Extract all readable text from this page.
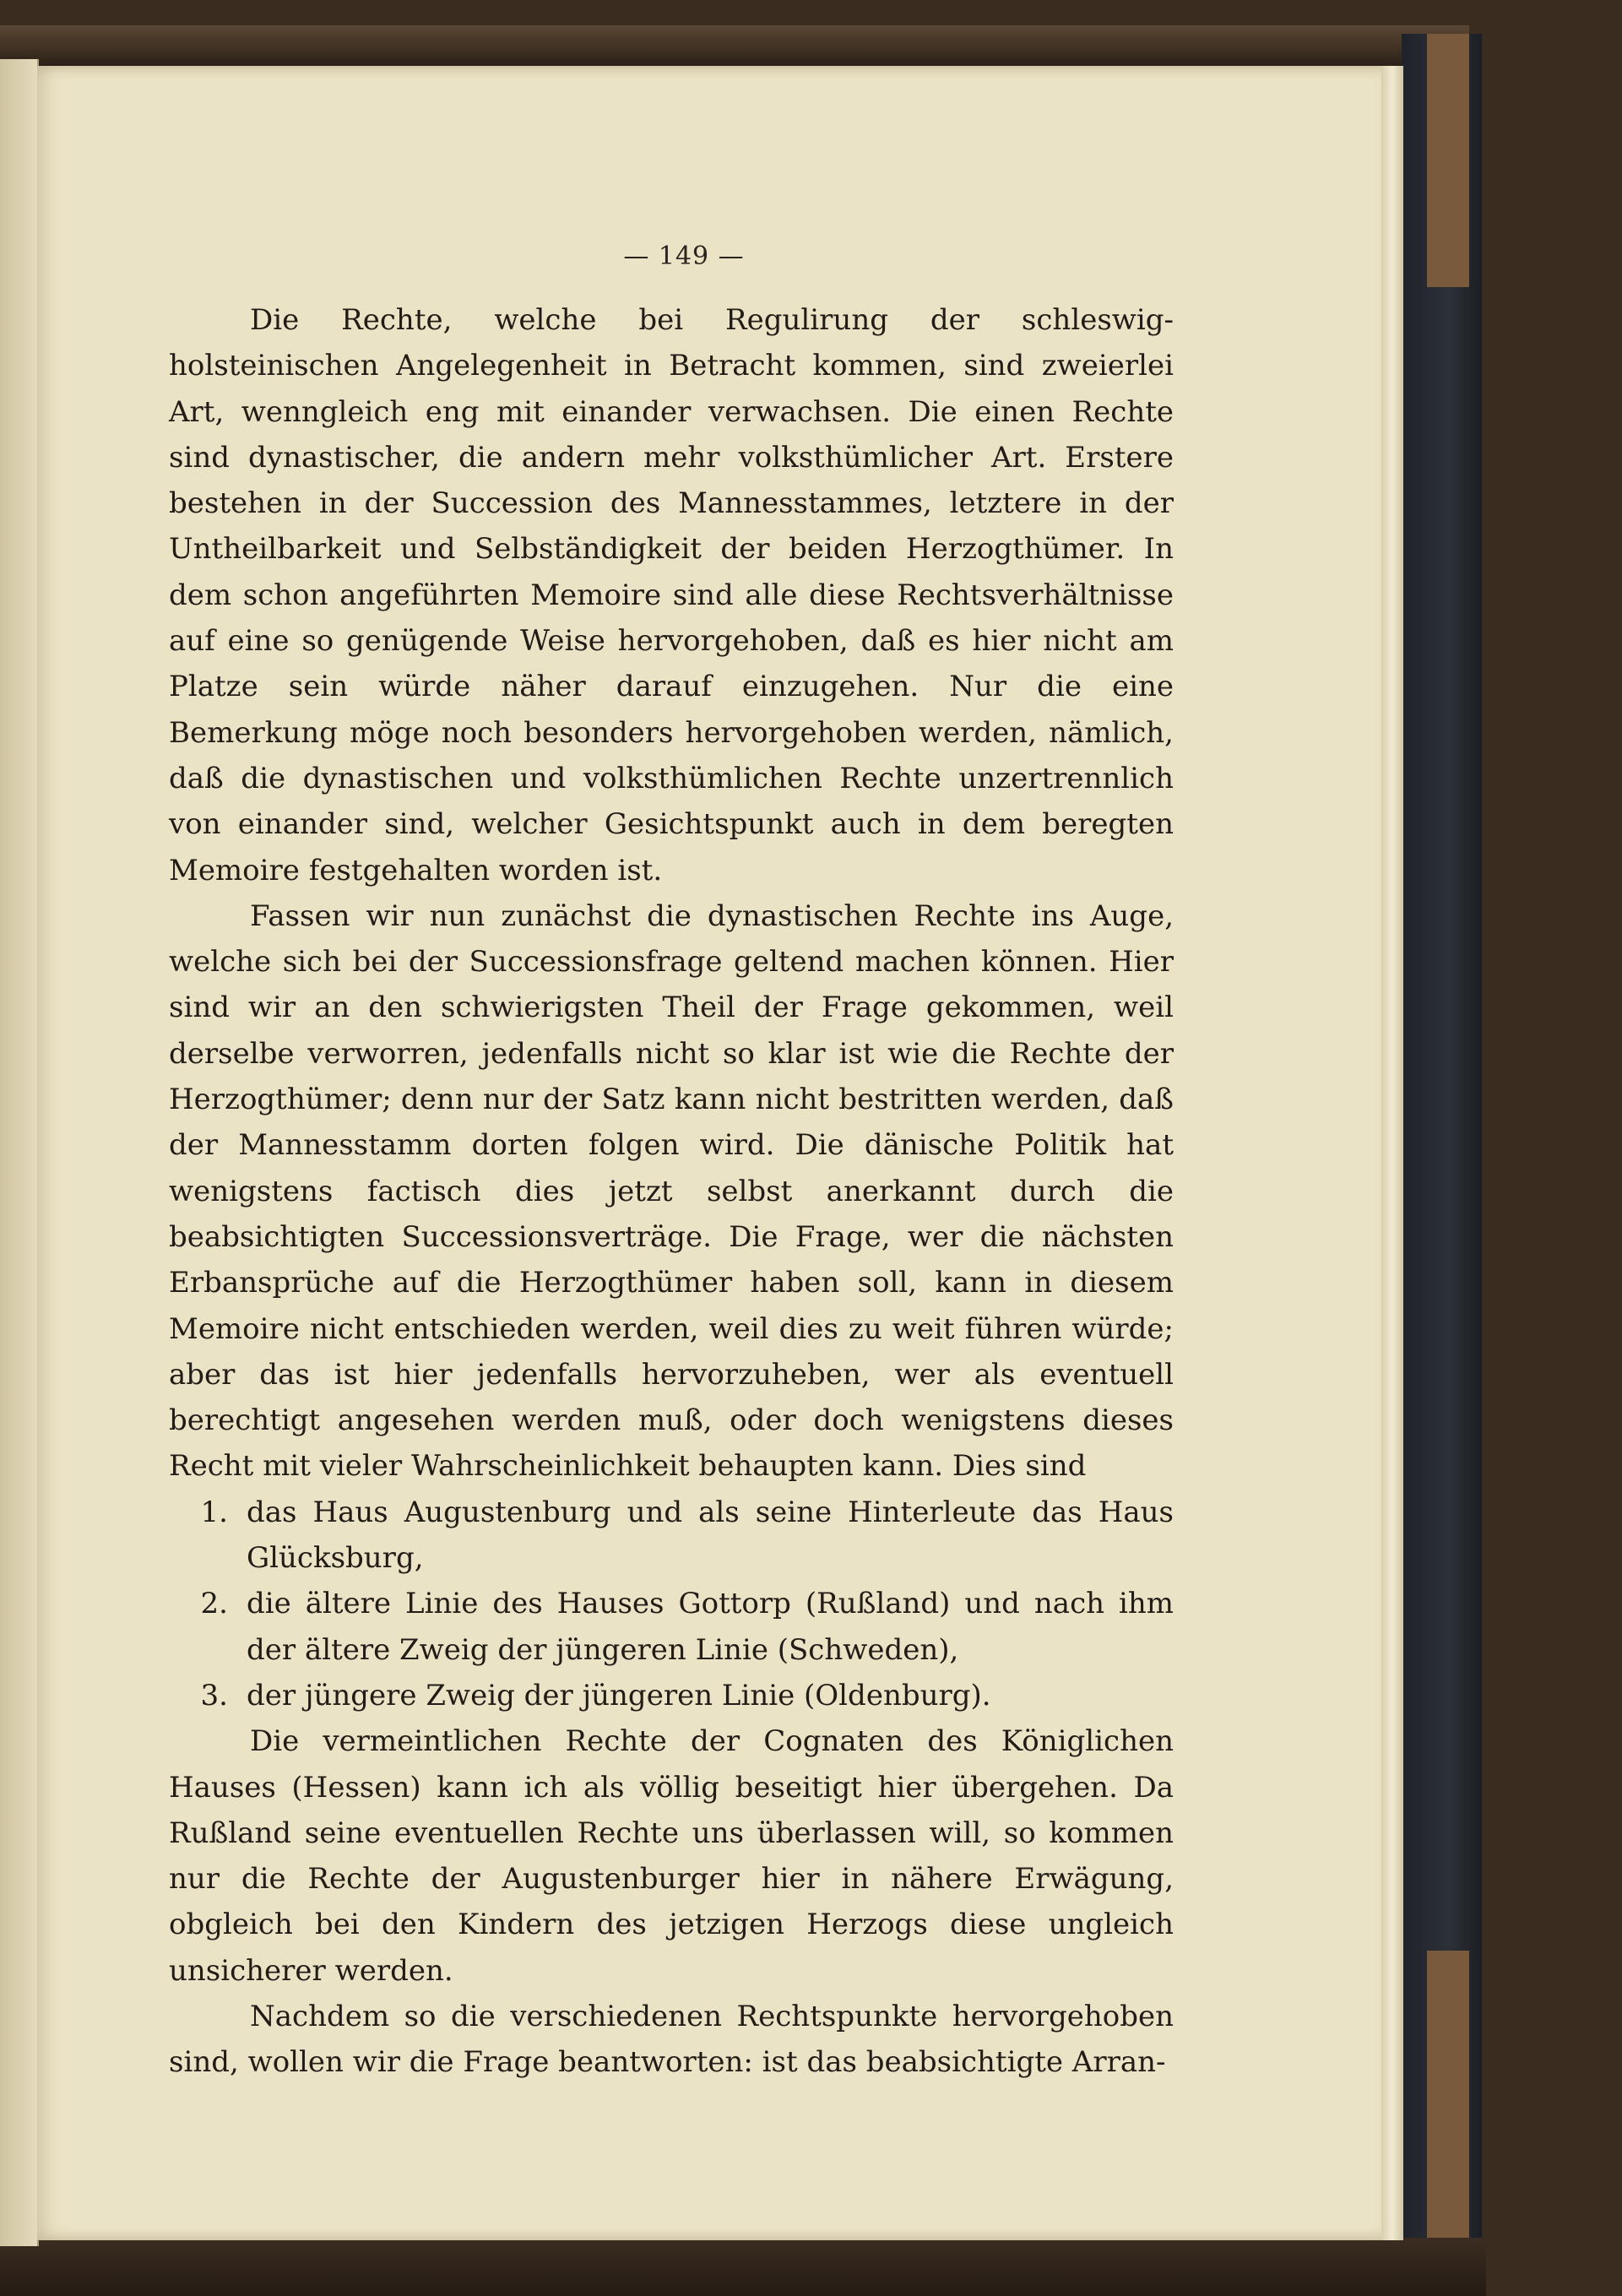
— 149 —

Die Rechte, welche bei Regulirung der schleswig-holsteinischen Angelegenheit in Betracht kommen, sind zweierlei Art, wenngleich eng mit einander verwachsen. Die einen Rechte sind dynastischer, die andern mehr volksthümlicher Art. Erstere bestehen in der Succession des Mannesstammes, letztere in der Untheilbarkeit und Selbständigkeit der beiden Herzogthümer. In dem schon angeführten Memoire sind alle diese Rechtsverhältnisse auf eine so genügende Weise hervorgehoben, daß es hier nicht am Platze sein würde näher darauf einzugehen. Nur die eine Bemerkung möge noch besonders hervorgehoben werden, nämlich, daß die dynastischen und volksthümlichen Rechte unzertrennlich von einander sind, welcher Gesichtspunkt auch in dem beregten Memoire festgehalten worden ist.

Fassen wir nun zunächst die dynastischen Rechte ins Auge, welche sich bei der Successionsfrage geltend machen können. Hier sind wir an den schwierigsten Theil der Frage gekommen, weil derselbe verworren, jedenfalls nicht so klar ist wie die Rechte der Herzogthümer; denn nur der Satz kann nicht bestritten werden, daß der Mannesstamm dorten folgen wird. Die dänische Politik hat wenigstens factisch dies jetzt selbst anerkannt durch die beabsichtigten Successionsverträge. Die Frage, wer die nächsten Erbansprüche auf die Herzogthümer haben soll, kann in diesem Memoire nicht entschieden werden, weil dies zu weit führen würde; aber das ist hier jedenfalls hervorzuheben, wer als eventuell berechtigt angesehen werden muß, oder doch wenigstens dieses Recht mit vieler Wahrscheinlichkeit behaupten kann. Dies sind

1. das Haus Augustenburg und als seine Hinterleute das Haus Glücksburg,
2. die ältere Linie des Hauses Gottorp (Rußland) und nach ihm der ältere Zweig der jüngeren Linie (Schweden),
3. der jüngere Zweig der jüngeren Linie (Oldenburg).

Die vermeintlichen Rechte der Cognaten des Königlichen Hauses (Hessen) kann ich als völlig beseitigt hier übergehen. Da Rußland seine eventuellen Rechte uns überlassen will, so kommen nur die Rechte der Augustenburger hier in nähere Erwägung, obgleich bei den Kindern des jetzigen Herzogs diese ungleich unsicherer werden.

Nachdem so die verschiedenen Rechtspunkte hervorgehoben sind, wollen wir die Frage beantworten: ist das beabsichtigte Arran-
